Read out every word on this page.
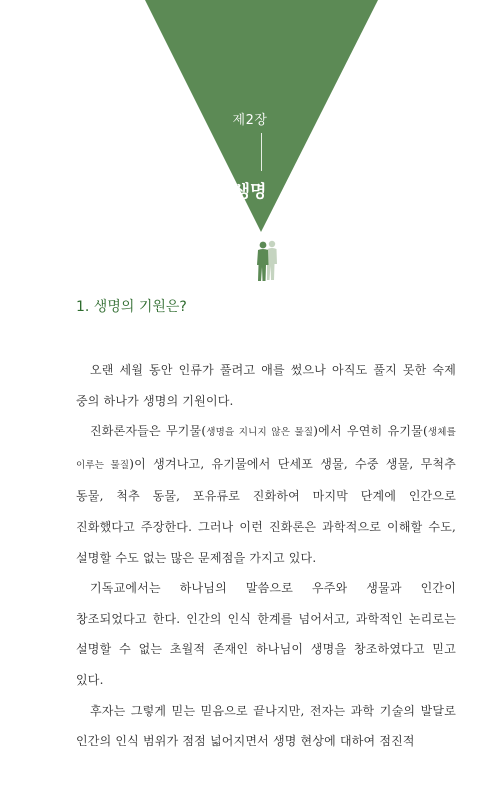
제2장
생명
1. 생명의 기원은?

오랜 세월 동안 인류가 풀려고 애를 썼으나 아직도 풀지 못한 숙제 중의 하나가 생명의 기원이다.

진화론자들은 무기물(생명을 지니지 않은 물질)에서 우연히 유기물(생체를 이루는 물질)이 생겨나고, 유기물에서 단세포 생물, 수중 생물, 무척추 동물, 척추 동물, 포유류로 진화하여 마지막 단계에 인간으로 진화했다고 주장한다. 그러나 이런 진화론은 과학적으로 이해할 수도, 설명할 수도 없는 많은 문제점을 가지고 있다.

기독교에서는 하나님의 말씀으로 우주와 생물과 인간이 창조되었다고 한다. 인간의 인식 한계를 넘어서고, 과학적인 논리로는 설명할 수 없는 초월적 존재인 하나님이 생명을 창조하였다고 믿고 있다.

후자는 그렇게 믿는 믿음으로 끝나지만, 전자는 과학 기술의 발달로 인간의 인식 범위가 점점 넓어지면서 생명 현상에 대하여 점진적
